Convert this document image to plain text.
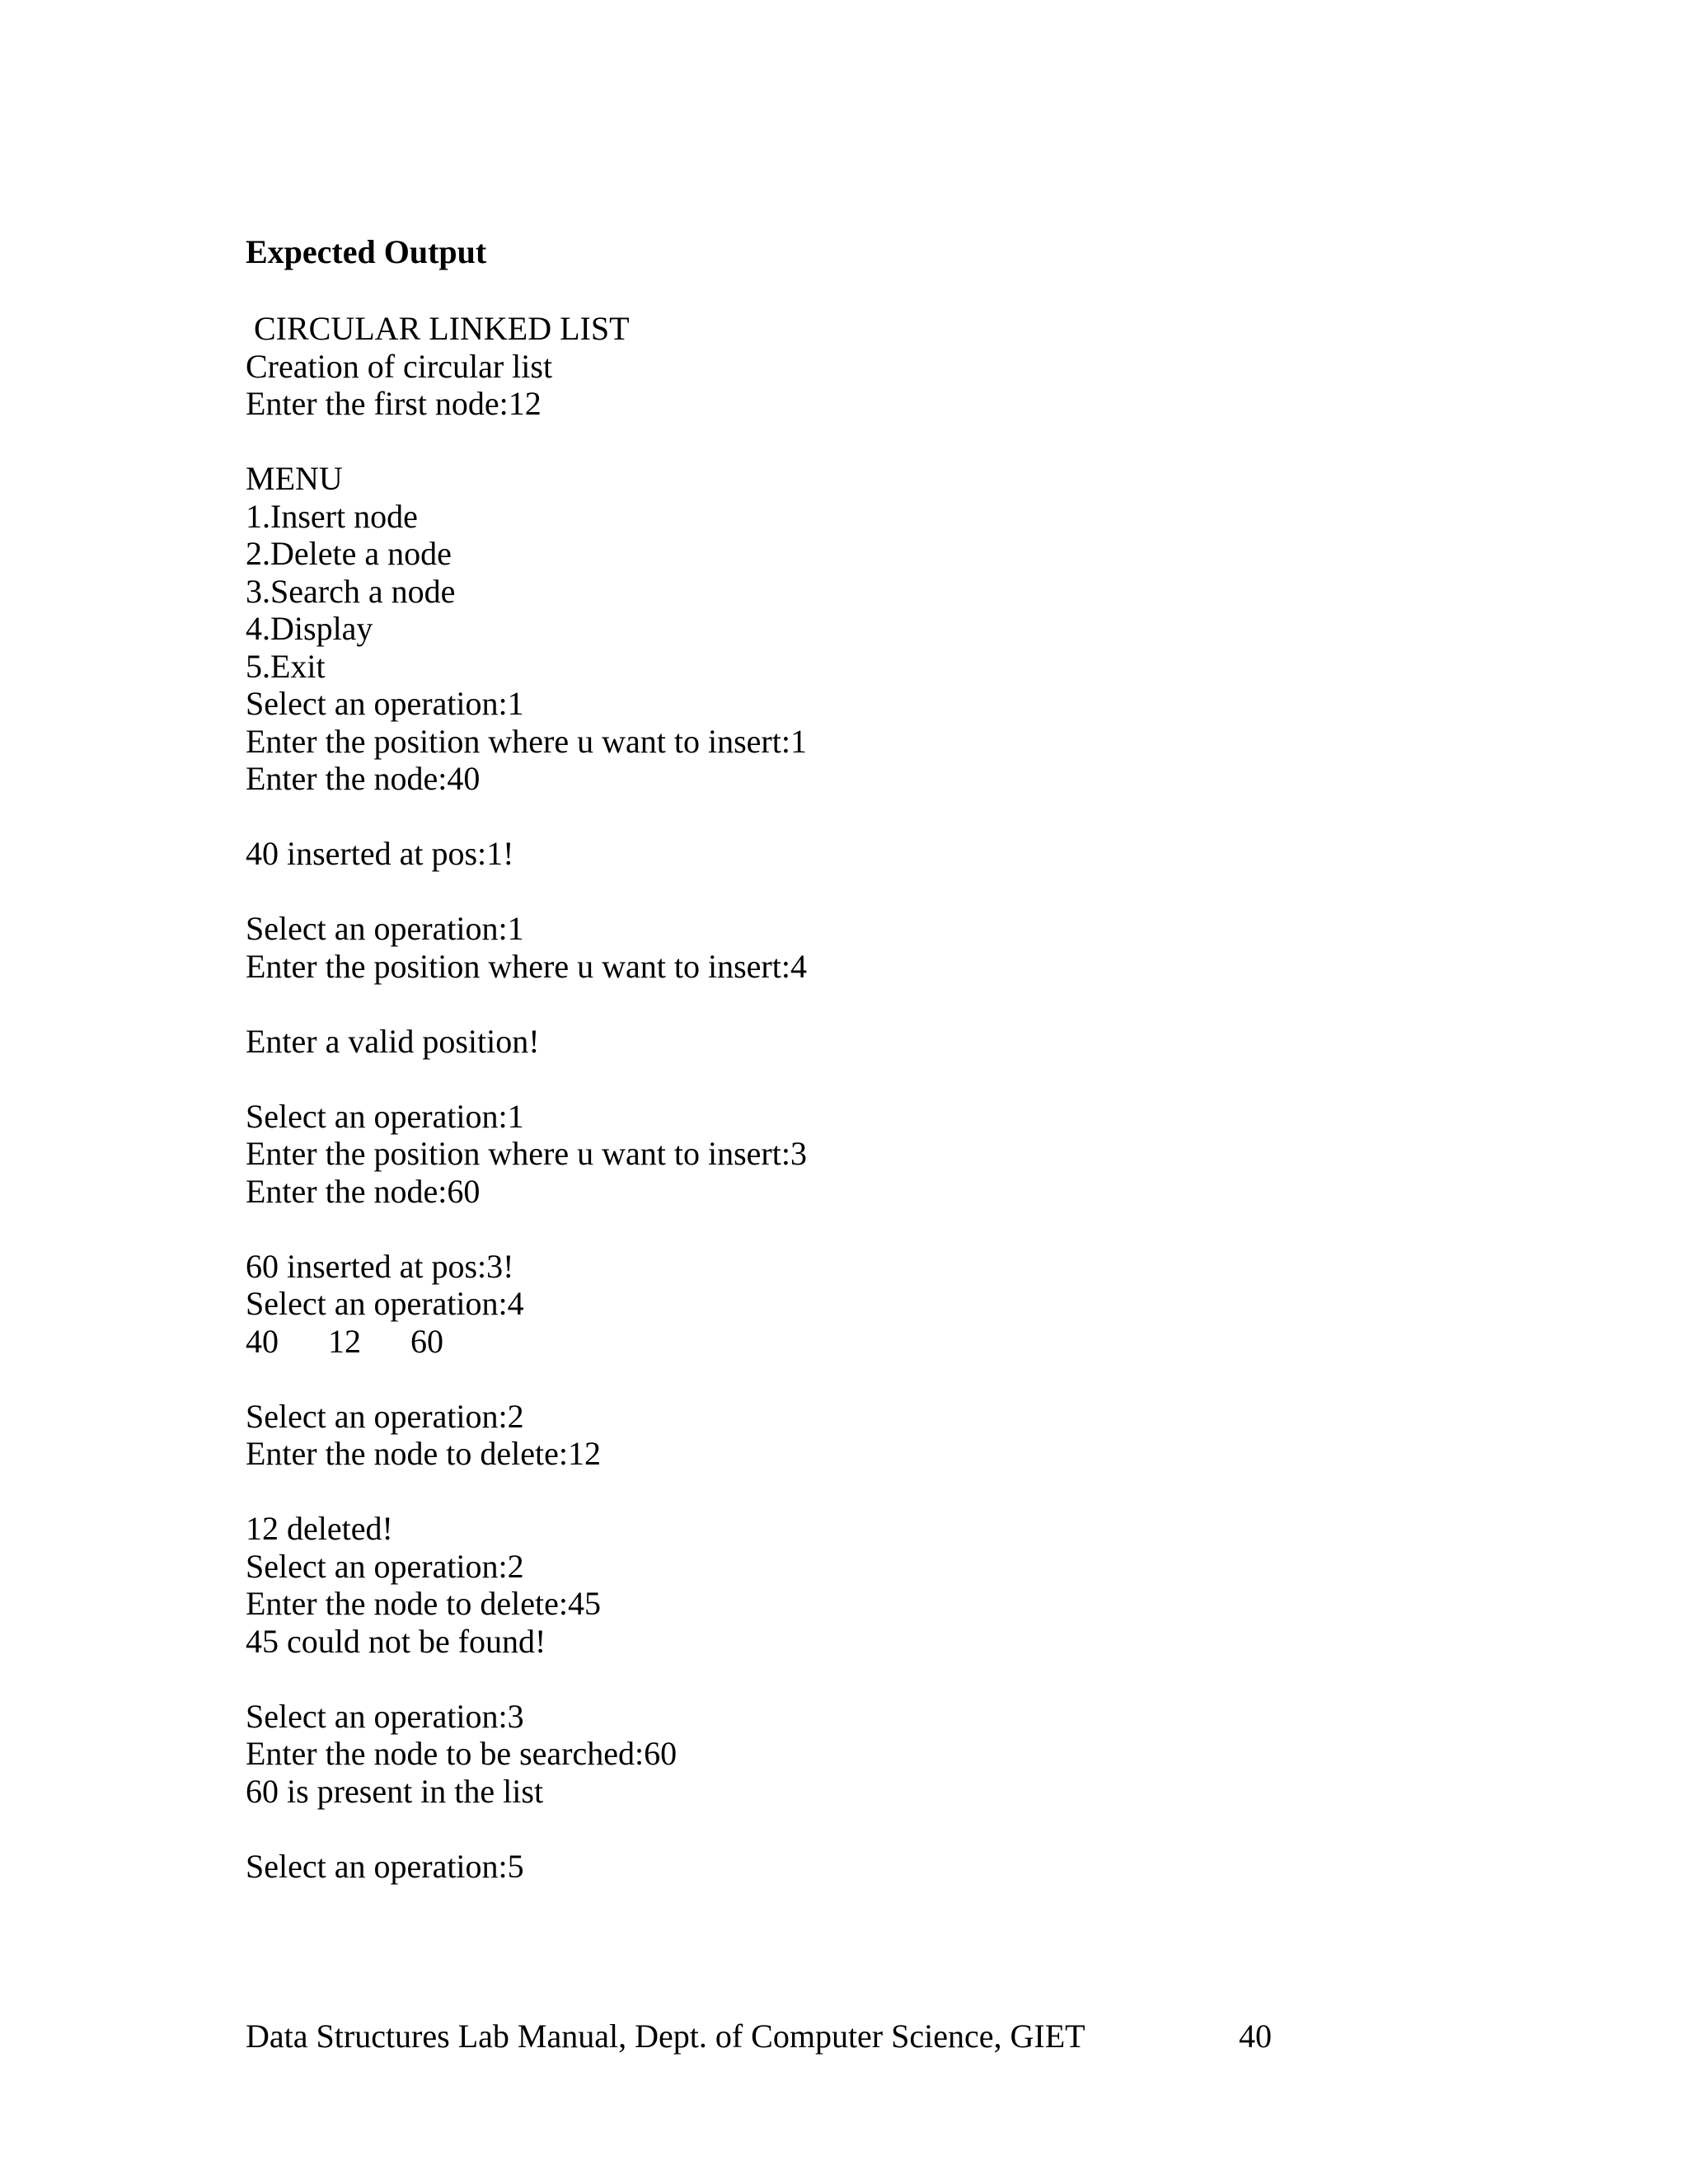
Expected Output
CIRCULAR LINKED LIST
Creation of circular list
Enter the first node:12
MENU
1.Insert node
2.Delete a node
3.Search a node
4.Display
5.Exit
Select an operation:1
Enter the position where u want to insert:1
Enter the node:40
40 inserted at pos:1!
Select an operation:1
Enter the position where u want to insert:4
Enter a valid position!
Select an operation:1
Enter the position where u want to insert:3
Enter the node:60
60 inserted at pos:3!
Select an operation:4
40      12      60
Select an operation:2
Enter the node to delete:12
12 deleted!
Select an operation:2
Enter the node to delete:45
45 could not be found!
Select an operation:3
Enter the node to be searched:60
60 is present in the list
Select an operation:5
Data Structures Lab Manual, Dept. of Computer Science, GIET	40
